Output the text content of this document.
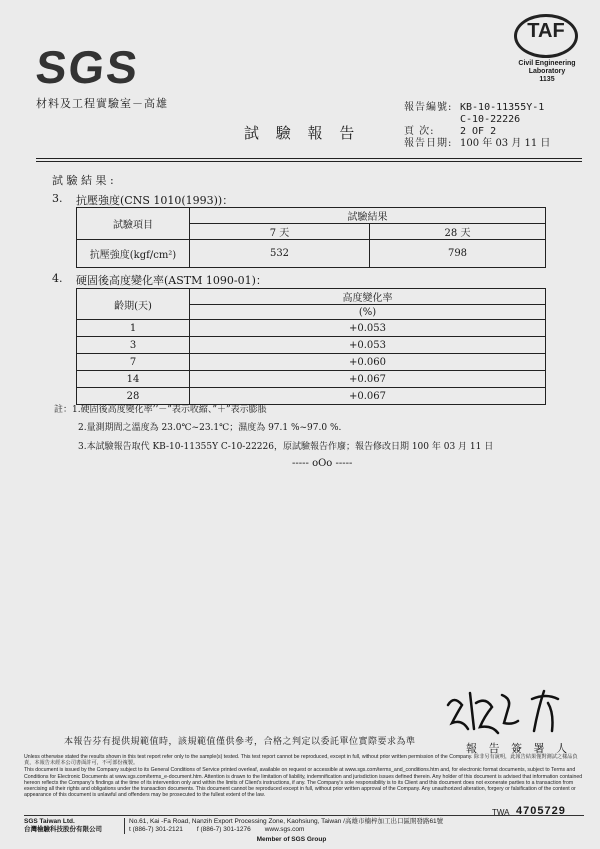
SGS
材料及工程實驗室－高雄
TAF
Civil Engineering
Laboratory
1135
報告編號: KB-10-11355Y-1
C-10-22226
頁 次:	2 OF 2
報告日期: 100 年 03 月 11 日
試 驗 報 告
試 驗 結 果 :
3. 抗壓強度(CNS 1010(1993))：
試驗項目	試驗結果	
	7 天	28 天
抗壓強度(kgf/cm²)	532	798
4. 硬固後高度變化率(ASTM 1090-01)：
齡期(天)	高度變化率
	(%)
1	+0.053
3	+0.053
7	+0.060
14	+0.067
28	+0.067
註：1.硬固後高度變化率’’－”表示收縮、”＋”表示膨脹
2.量測期間之溫度為 23.0℃~23.1℃；濕度為 97.1 %~97.0 %.
3.本試驗報告取代 KB-10-11355Y C-10-22226，原試驗報告作廢；報告修改日期 100 年 03 月 11 日
----- oOo -----
本報告芬有提供規範值時，該規範值僅供參考，合格之判定以委託單位實際要求為準	報 告 簽 署 人

Unless otherwise stated the results shown in this test report refer only to the sample(s) tested. This test report cannot be reproduced, except in full, without prior written permission of the Company. 除非另有說明，此報告結果僅對測試之樣品負責，本報告未經本公司書面許可，不可部份複製。

This document is issued by the Company subject to its General Conditions of Service printed overleaf, available on request or accessible at www.sgs.com/terms_and_conditions.htm and, for electronic format documents, subject to Terms and Conditions for Electronic Documents at www.sgs.com/terms_e-document.htm. Attention is drawn to the limitation of liability, indemnification and jurisdiction issues defined therein. Any holder of this document is advised that information contained hereon reflects the Company's findings at the time of its intervention only and within the limits of Client's instructions, if any. The Company's sole responsibility is to its Client and this document does not exonerate parties to a transaction from exercising all their rights and obligations under the transaction documents. This document cannot be reproduced except in full, without prior written approval of the Company. Any unauthorized alteration, forgery or falsification of the content or appearance of this document is unlawful and offenders may be prosecuted to the fullest extent of the law.

4705729
TWA
SGS Taiwan Ltd.
台灣檢驗科技股份有限公司
No.61, Kai -Fa Road, Nanzih Export Processing Zone, Kaohsiung, Taiwan /高雄市楠梓加工出口區開發路61號
t (886-7) 301-2121 f (886-7) 301-1276 www.sgs.com
Member of SGS Group
